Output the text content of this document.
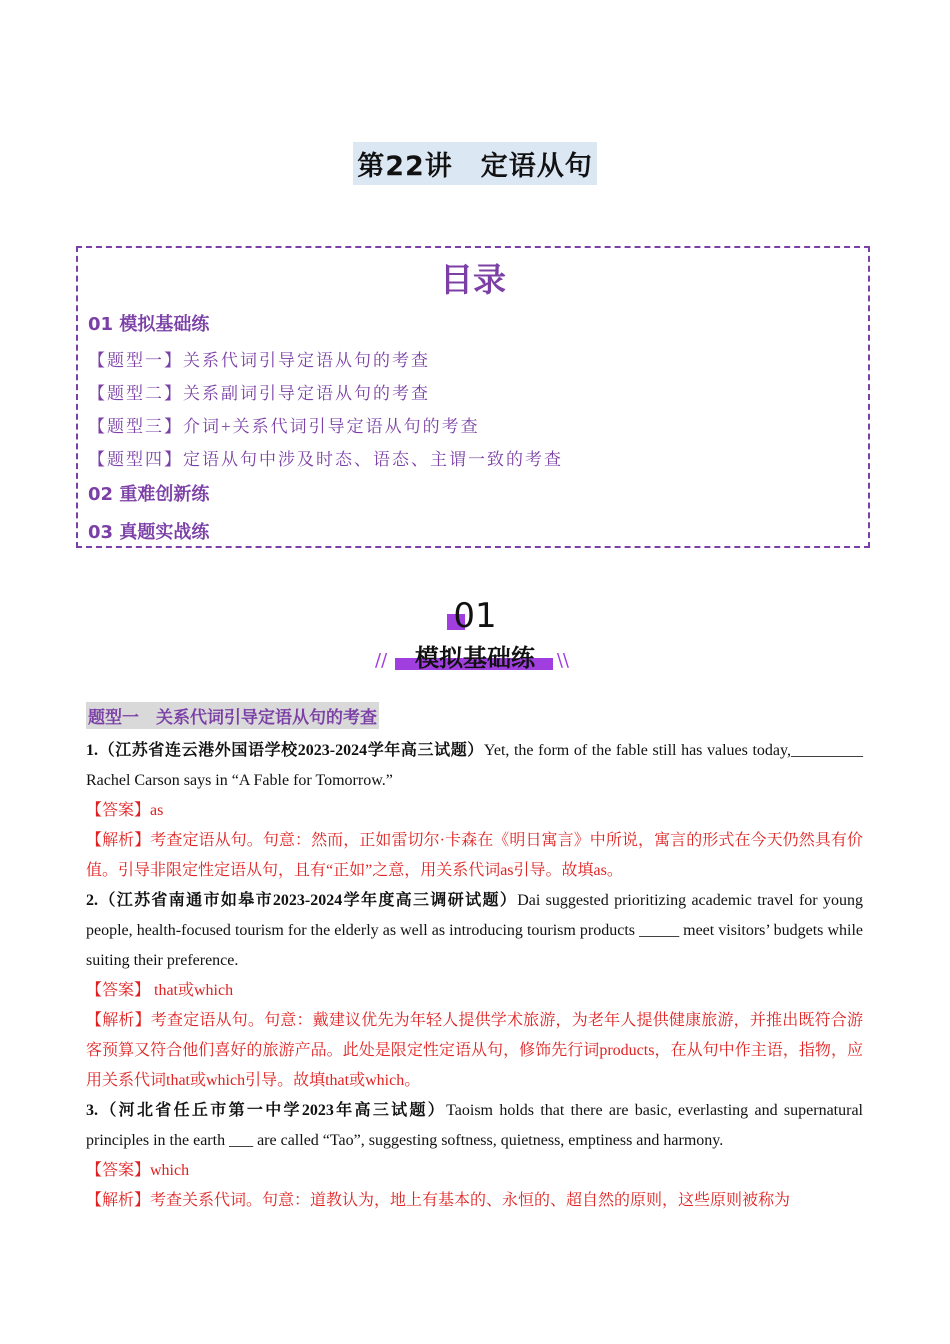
第22讲　定语从句
目录
01 模拟基础练
【题型一】关系代词引导定语从句的考查
【题型二】关系副词引导定语从句的考查
【题型三】介词+关系代词引导定语从句的考查
【题型四】定语从句中涉及时态、语态、主谓一致的考查
02 重难创新练
03 真题实战练
01
模拟基础练
//	\\
题型一　关系代词引导定语从句的考查

1.（江苏省连云港外国语学校2023-2024学年高三试题）Yet, the form of the fable still has values today,_________ Rachel Carson says in “A Fable for Tomorrow.”

【答案】as

【解析】考查定语从句。句意：然而，正如雷切尔·卡森在《明日寓言》中所说，寓言的形式在今天仍然具有价值。引导非限定性定语从句，且有“正如”之意，用关系代词as引导。故填as。

2.（江苏省南通市如皋市2023-2024学年度高三调研试题）Dai suggested prioritizing academic travel for young people, health-focused tourism for the elderly as well as introducing tourism products _____ meet visitors’ budgets while suiting their preference.

【答案】 that或which

【解析】考查定语从句。句意：戴建议优先为年轻人提供学术旅游，为老年人提供健康旅游，并推出既符合游客预算又符合他们喜好的旅游产品。此处是限定性定语从句，修饰先行词products，在从句中作主语，指物，应用关系代词that或which引导。故填that或which。

3.（河北省任丘市第一中学2023年高三试题）Taoism holds that there are basic, everlasting and supernatural principles in the earth ___ are called “Tao”, suggesting softness, quietness, emptiness and harmony.

【答案】which

【解析】考查关系代词。句意：道教认为，地上有基本的、永恒的、超自然的原则，这些原则被称为
